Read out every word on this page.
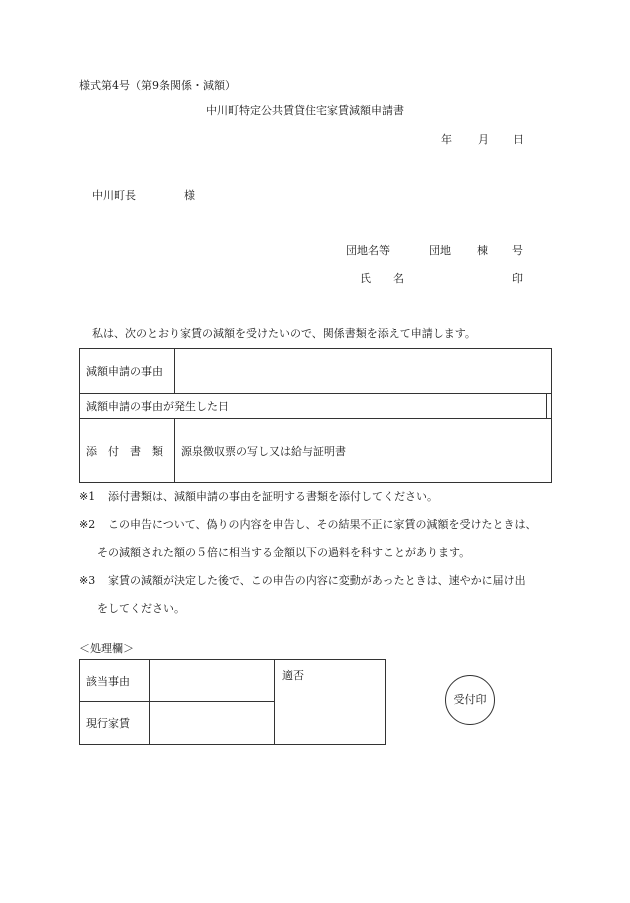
様式第4号（第9条関係・減額）
中川町特定公共賃貸住宅家賃減額申請書
年 月 日
中川町長	様
団地名等	団地 棟 号
氏　　名	印
私は、次のとおり家賃の減額を受けたいので、関係書類を添えて申請します。
減額申請の事由		
減額申請の事由が発生した日		
添　付　書　類	源泉徴収票の写し又は給与証明書	
※1 添付書類は、減額申請の事由を証明する書類を添付してください。
※2 この申告について、偽りの内容を申告し、その結果不正に家賃の減額を受けたときは、
その減額された額の５倍に相当する金額以下の過料を科すことがあります。
※3 家賃の減額が決定した後で、この申告の内容に変動があったときは、速やかに届け出
をしてください。
＜処理欄＞
該当事由		適否
現行家賃		
受付印
